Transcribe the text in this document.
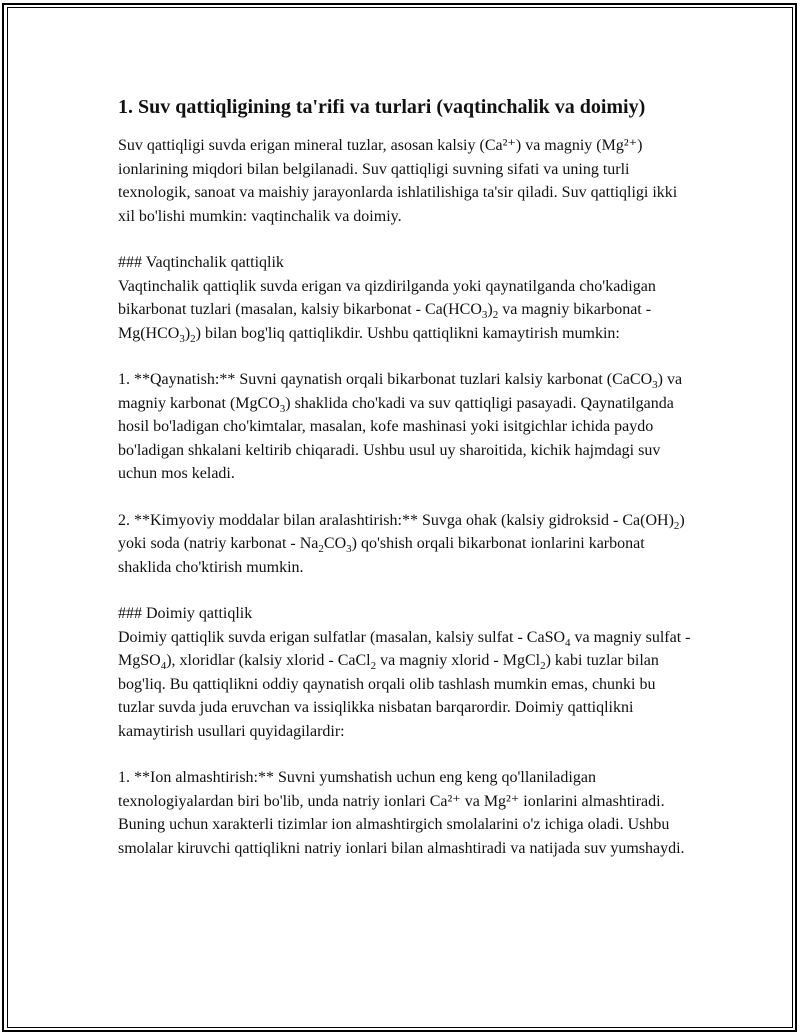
1. Suv qattiqligining ta'rifi va turlari (vaqtinchalik va doimiy)

Suv qattiqligi suvda erigan mineral tuzlar, asosan kalsiy (Ca²⁺) va magniy (Mg²⁺) ionlarining miqdori bilan belgilanadi. Suv qattiqligi suvning sifati va uning turli texnologik, sanoat va maishiy jarayonlarda ishlatilishiga ta'sir qiladi. Suv qattiqligi ikki xil bo'lishi mumkin: vaqtinchalik va doimiy.

### Vaqtinchalik qattiqlik

Vaqtinchalik qattiqlik suvda erigan va qizdirilganda yoki qaynatilganda cho'kadigan bikarbonat tuzlari (masalan, kalsiy bikarbonat - $Ca(HCO_3)_2$ va magniy bikarbonat - $Mg(HCO_3)_2$) bilan bog'liq qattiqlikdir. Ushbu qattiqlikni kamaytirish mumkin:

1. **Qaynatish:** Suvni qaynatish orqali bikarbonat tuzlari kalsiy karbonat (CaCO$_3$) va magniy karbonat (MgCO$_3$) shaklida cho'kadi va suv qattiqligi pasayadi. Qaynatilganda hosil bo'ladigan cho'kimtalar, masalan, kofe mashinasi yoki isitgichlar ichida paydo bo'ladigan shkalani keltirib chiqaradi. Ushbu usul uy sharoitida, kichik hajmdagi suv uchun mos keladi.

2. **Kimyoviy moddalar bilan aralashtirish:** Suvga ohak (kalsiy gidroksid - $Ca(OH)_2$) yoki soda (natriy karbonat - $Na_2CO_3$) qo'shish orqali bikarbonat ionlarini karbonat shaklida cho'ktirish mumkin.

### Doimiy qattiqlik

Doimiy qattiqlik suvda erigan sulfatlar (masalan, kalsiy sulfat - CaSO$_4$ va magniy sulfat - MgSO$_4$), xloridlar (kalsiy xlorid - CaCl$_2$ va magniy xlorid - MgCl$_2$) kabi tuzlar bilan bog'liq. Bu qattiqlikni oddiy qaynatish orqali olib tashlash mumkin emas, chunki bu tuzlar suvda juda eruvchan va issiqlikka nisbatan barqarordir. Doimiy qattiqlikni kamaytirish usullari quyidagilardir:

1. **Ion almashtirish:** Suvni yumshatish uchun eng keng qo'llaniladigan texnologiyalardan biri bo'lib, unda natriy ionlari Ca²⁺ va Mg²⁺ ionlarini almashtiradi. Buning uchun xarakterli tizimlar ion almashtirgich smolalarini o'z ichiga oladi. Ushbu smolalar kiruvchi qattiqlikni natriy ionlari bilan almashtiradi va natijada suv yumshaydi.
